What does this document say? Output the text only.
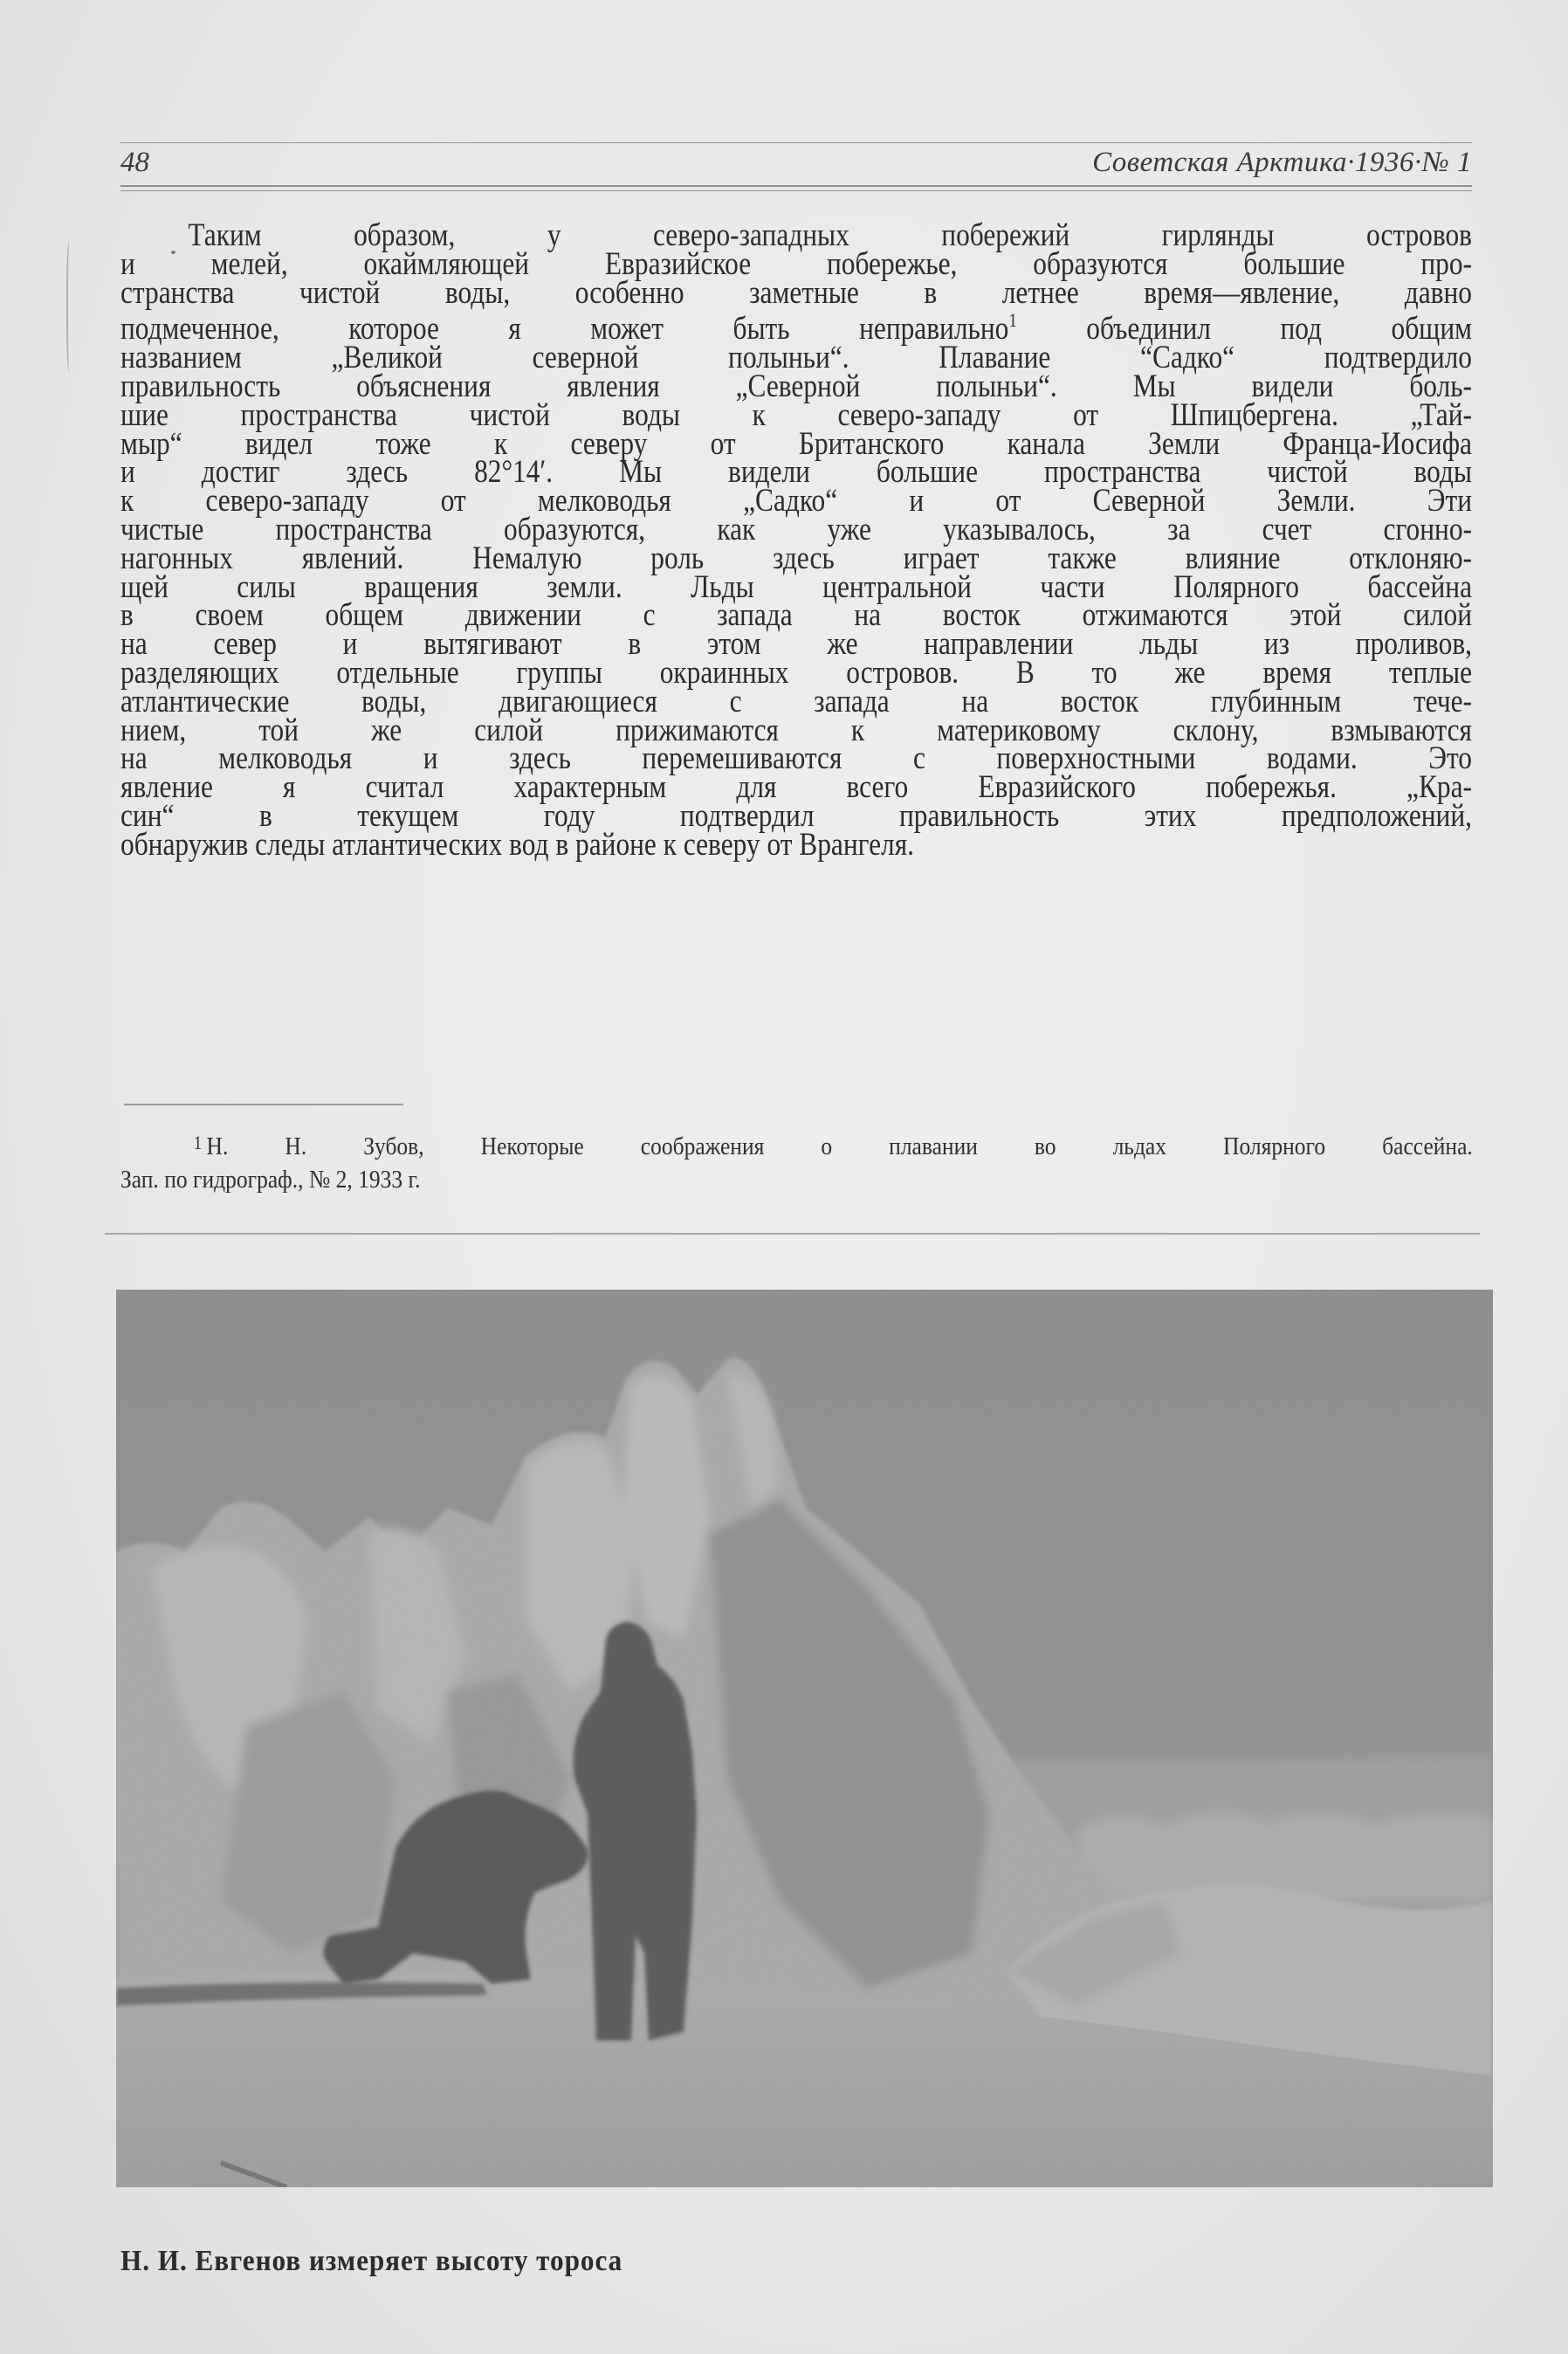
48	Советская Арктика·1936·№ 1
Таким образом, у северо-западных побережий гирлянды островов
и мелей, окаймляющей Евразийское побережье, образуются большие про-
странства чистой воды, особенно заметные в летнее время—явление, давно
подмеченное, которое я может быть неправильно$^1$ объединил под общим
названием „Великой северной полыньи“. Плавание “Садко“ подтвердило
правильность объяснения явления „Северной полыньи“. Мы видели боль-
шие пространства чистой воды к северо-западу от Шпицбергена. „Тай-
мыр“ видел тоже к северу от Британского канала Земли Франца-Иосифа
и достиг здесь 82°14′. Мы видели большие пространства чистой воды
к северо-западу от мелководья „Садко“ и от Северной Земли. Эти
чистые пространства образуются, как уже указывалось, за счет сгонно-
нагонных явлений. Немалую роль здесь играет также влияние отклоняю-
щей силы вращения земли. Льды центральной части Полярного бассейна
в своем общем движении с запада на восток отжимаются этой силой
на север и вытягивают в этом же направлении льды из проливов,
разделяющих отдельные группы окраинных островов. В то же время теплые
атлантические воды, двигающиеся с запада на восток глубинным тече-
нием, той же силой прижимаются к материковому склону, взмываются
на мелководья и здесь перемешиваются с поверхностными водами. Это
явление я считал характерным для всего Евразийского побережья. „Кра-
син“ в текущем году подтвердил правильность этих предположений,
обнаружив следы атлантических вод в районе к северу от Врангеля.
$^1$ Н. Н. Зубов, Некоторые соображения о плавании во льдах Полярного бассейна.
Зап. по гидрограф., № 2, 1933 г.
Н. И. Евгенов измеряет высоту тороса
